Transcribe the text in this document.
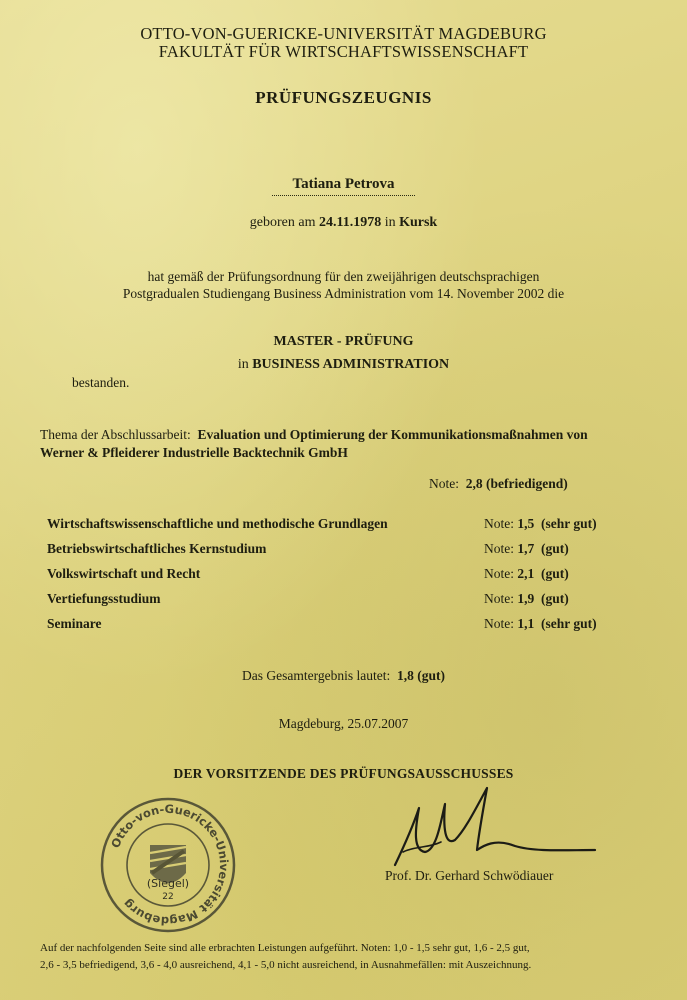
OTTO-VON-GUERICKE-UNIVERSITÄT MAGDEBURG
FAKULTÄT FÜR WIRTSCHAFTSWISSENSCHAFT
PRÜFUNGSZEUGNIS
Tatiana Petrova
geboren am 24.11.1978 in Kursk
hat gemäß der Prüfungsordnung für den zweijährigen deutschsprachigen
Postgradualen Studiengang Business Administration vom 14. November 2002 die
MASTER - PRÜFUNG
in BUSINESS ADMINISTRATION
bestanden.
Thema der Abschlussarbeit: Evaluation und Optimierung der Kommunikationsmaßnahmen von
Werner & Pfleiderer Industrielle Backtechnik GmbH
Note: 2,8 (befriedigend)
Wirtschaftswissenschaftliche und methodische Grundlagen	Note: 1,5 (sehr gut)
Betriebswirtschaftliches Kernstudium	Note: 1,7 (gut)
Volkswirtschaft und Recht	Note: 2,1 (gut)
Vertiefungsstudium	Note: 1,9 (gut)
Seminare	Note: 1,1 (sehr gut)
Das Gesamtergebnis lautet: 1,8 (gut)
Magdeburg, 25.07.2007
DER VORSITZENDE DES PRÜFUNGSAUSSCHUSSES
Otto-von-Guericke-Universität Magdeburg
(Siegel)
22
Prof. Dr. Gerhard Schwödiauer
Auf der nachfolgenden Seite sind alle erbrachten Leistungen aufgeführt. Noten: 1,0 - 1,5 sehr gut, 1,6 - 2,5 gut,
2,6 - 3,5 befriedigend, 3,6 - 4,0 ausreichend, 4,1 - 5,0 nicht ausreichend, in Ausnahmefällen: mit Auszeichnung.
